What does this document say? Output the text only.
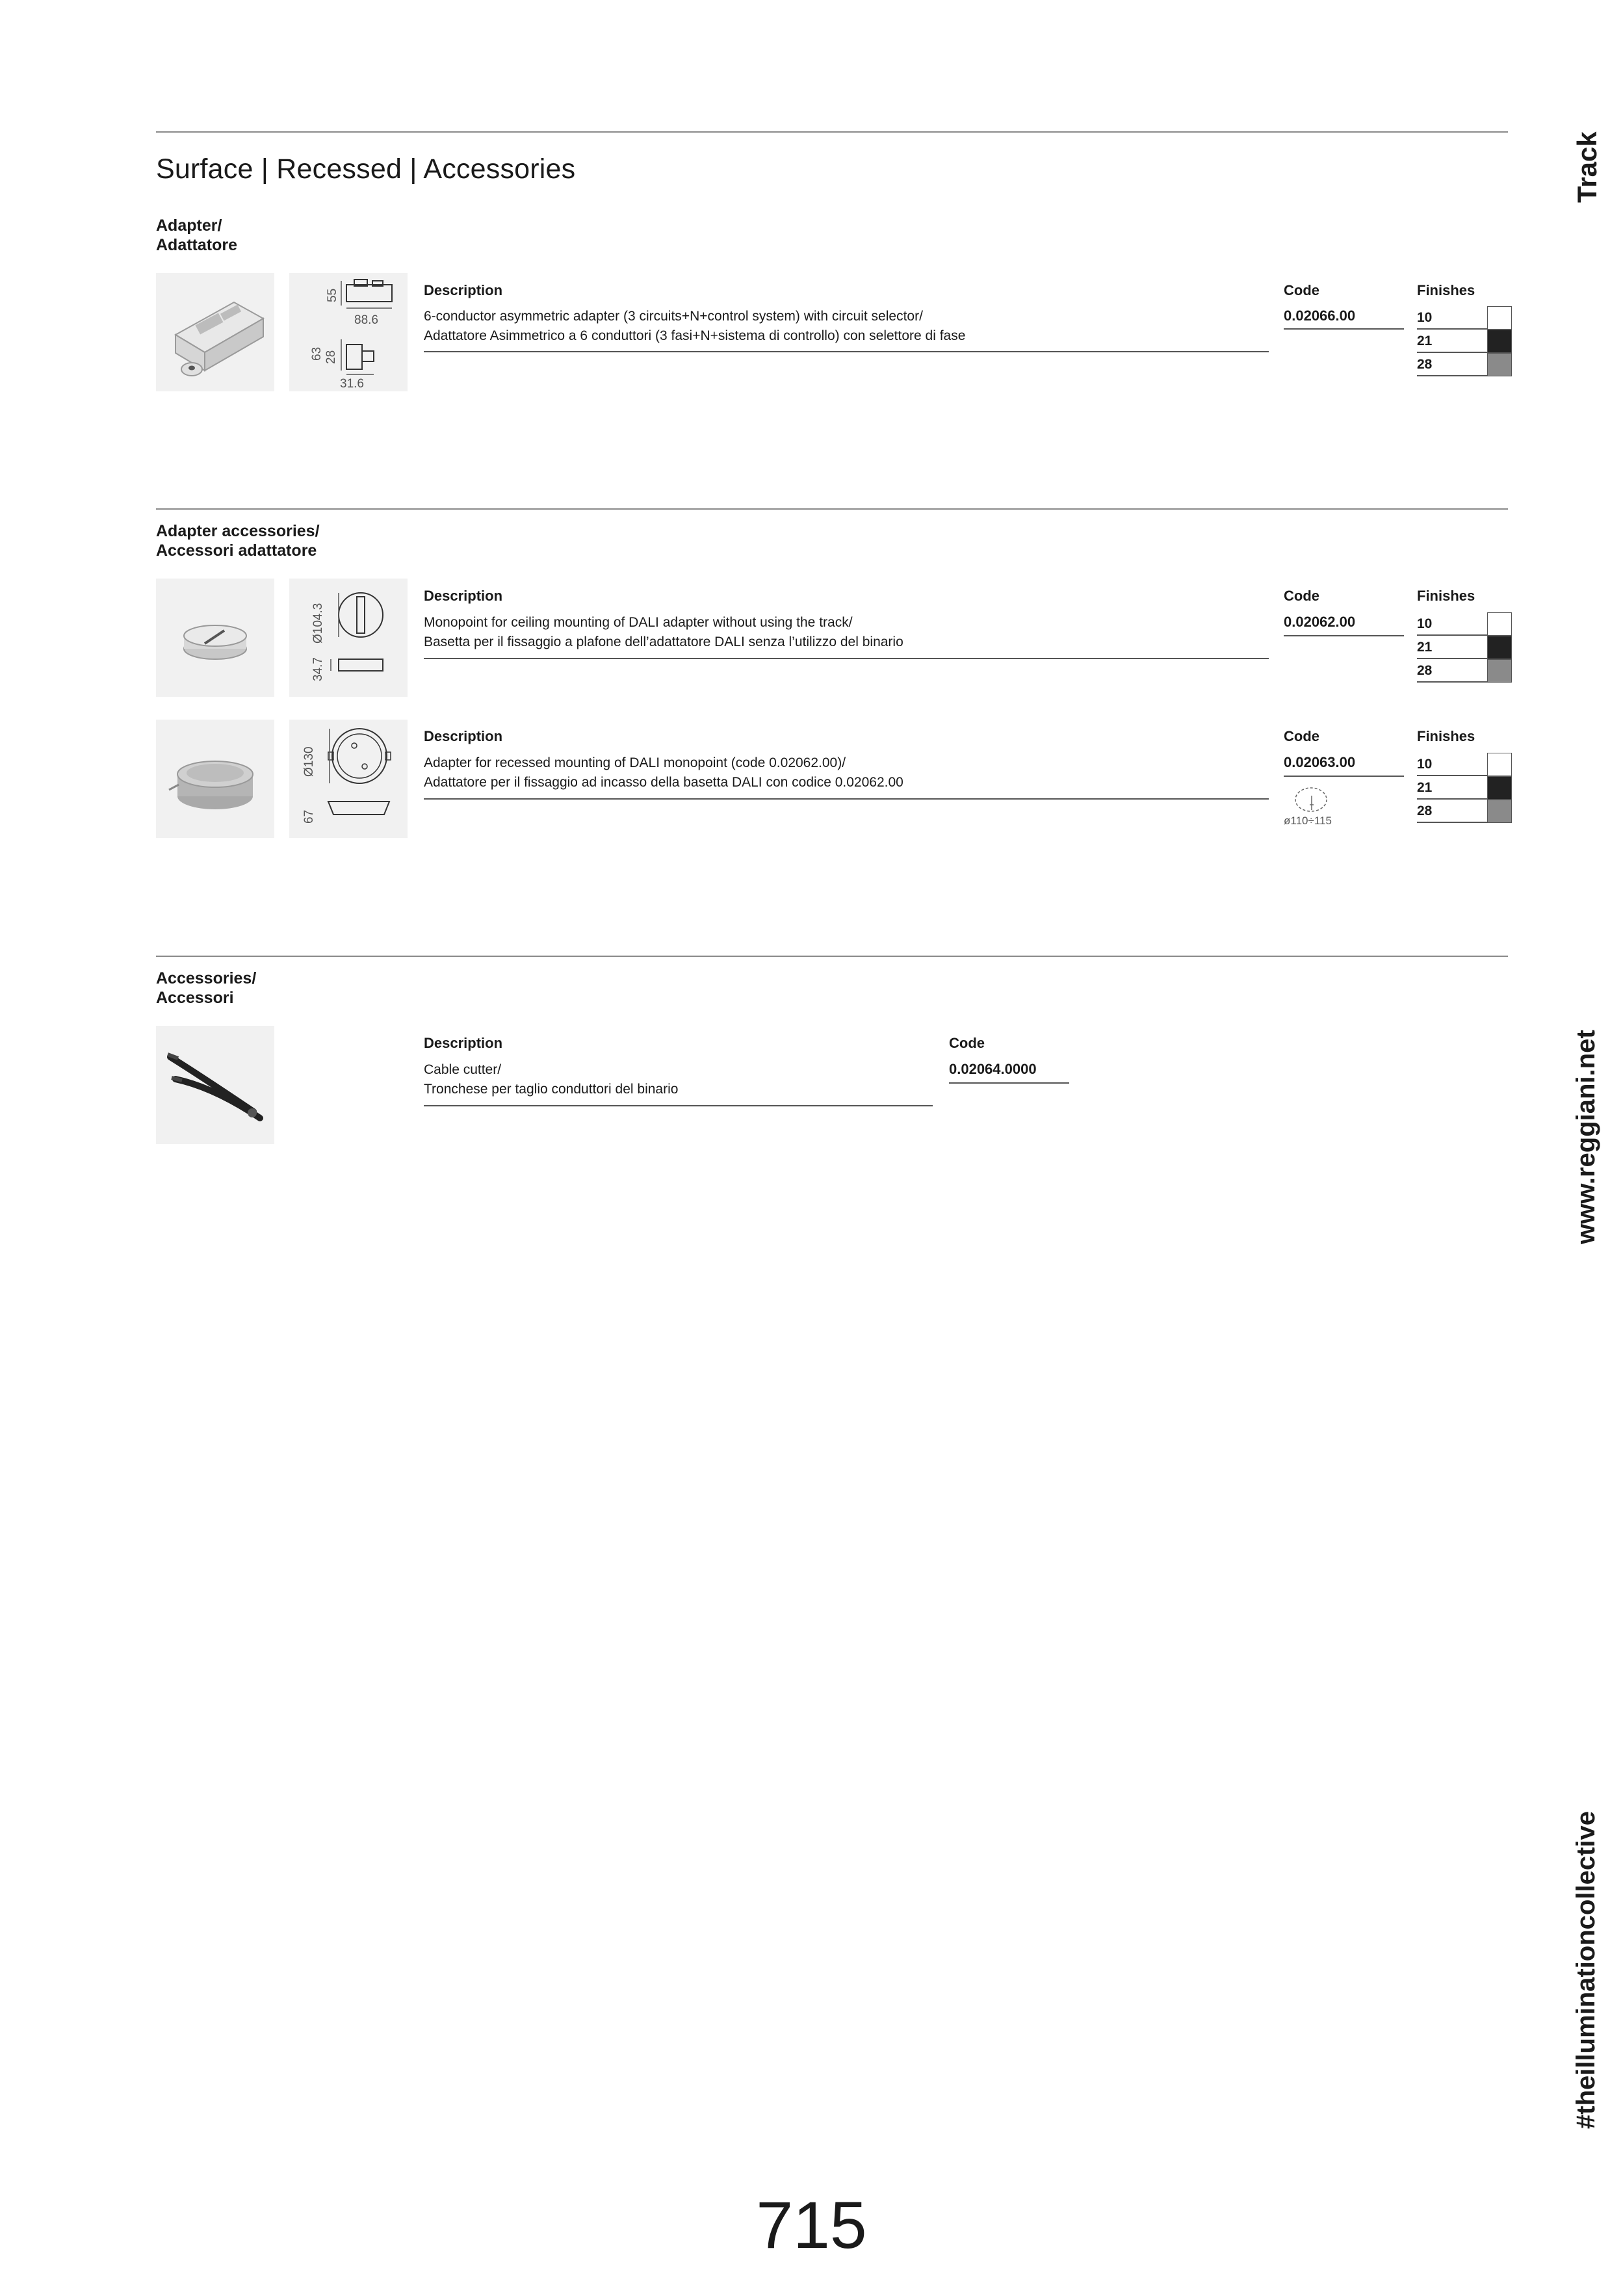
Surface | Recessed | Accessories
Adapter/
Adattatore
55
88.6
63 28
31.6
Description
6-conductor asymmetric adapter (3 circuits+N+control system) with circuit selector/
Adattatore Asimmetrico a 6 conduttori (3 fasi+N+sistema di controllo) con selettore di fase
Code
0.02066.00
Finishes
10
21
28
Adapter accessories/
Accessori adattatore
Ø104.3
34.7
Description
Monopoint for ceiling mounting of DALI adapter without using the track/
Basetta per il fissaggio a plafone dell’adattatore DALI senza l’utilizzo del binario
Code
0.02062.00
Finishes
10
21
28
Ø130
67
Description
Adapter for recessed mounting of DALI monopoint (code 0.02062.00)/
Adattatore per il fissaggio ad incasso della basetta DALI con codice 0.02062.00
Code
0.02063.00
ø110÷115
Finishes
10
21
28
Accessories/
Accessori
Description
Cable cutter/
Tronchese per taglio conduttori del binario
Code
0.02064.0000
Track
www.reggiani.net
#theilluminationcollective
715
